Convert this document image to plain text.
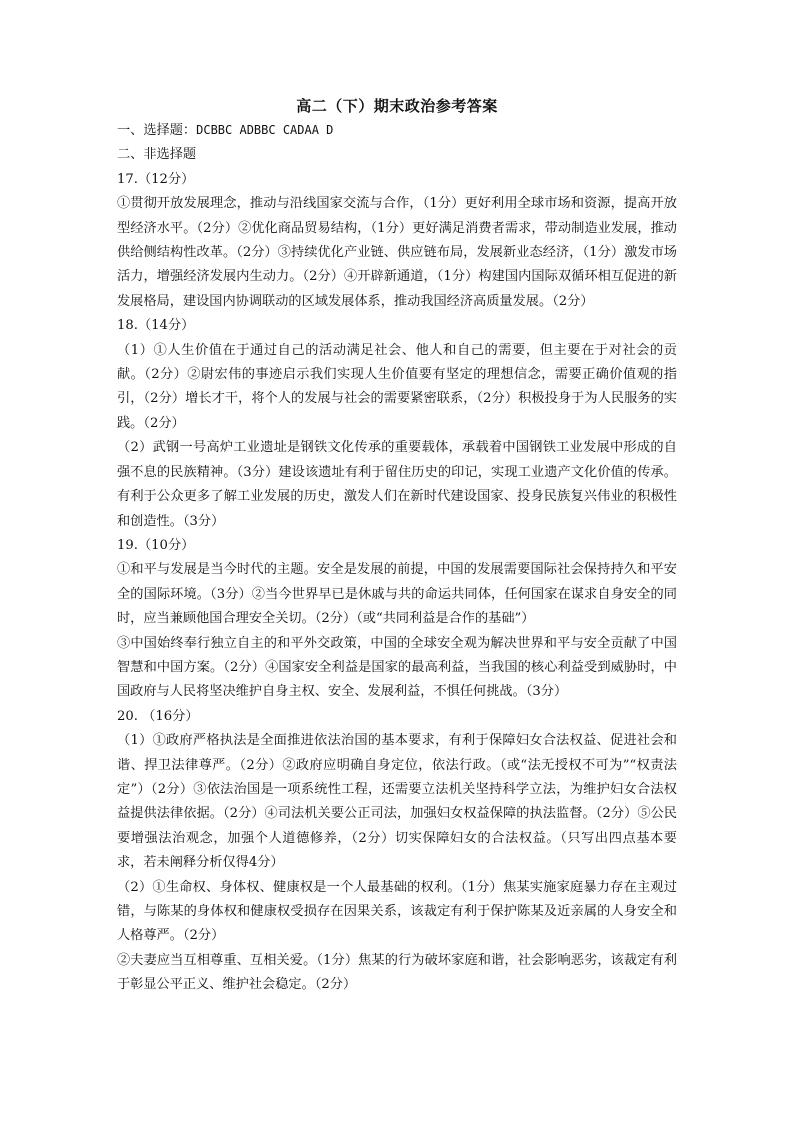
高二（下）期末政治参考答案

一、选择题：DCBBC ADBBC CADAA D

二、非选择题

17.（12分）

①贯彻开放发展理念，推动与沿线国家交流与合作，（1分）更好利用全球市场和资源，提高开放型经济水平。（2分）②优化商品贸易结构，（1分）更好满足消费者需求，带动制造业发展，推动供给侧结构性改革。（2分）③持续优化产业链、供应链布局，发展新业态经济，（1分）激发市场活力，增强经济发展内生动力。（2分）④开辟新通道，（1分）构建国内国际双循环相互促进的新发展格局，建设国内协调联动的区域发展体系，推动我国经济高质量发展。（2分）

18.（14分）

（1）①人生价值在于通过自己的活动满足社会、他人和自己的需要，但主要在于对社会的贡献。（2分）②尉宏伟的事迹启示我们实现人生价值要有坚定的理想信念，需要正确价值观的指引，（2分）增长才干，将个人的发展与社会的需要紧密联系，（2分）积极投身于为人民服务的实践。（2分）

（2）武钢一号高炉工业遗址是钢铁文化传承的重要载体，承载着中国钢铁工业发展中形成的自强不息的民族精神。（3分）建设该遗址有利于留住历史的印记，实现工业遗产文化价值的传承。有利于公众更多了解工业发展的历史，激发人们在新时代建设国家、投身民族复兴伟业的积极性和创造性。（3分）

19.（10分）

①和平与发展是当今时代的主题。安全是发展的前提，中国的发展需要国际社会保持持久和平安全的国际环境。（3分）②当今世界早已是休戚与共的命运共同体，任何国家在谋求自身安全的同时，应当兼顾他国合理安全关切。（2分）（或“共同利益是合作的基础”）

③中国始终奉行独立自主的和平外交政策，中国的全球安全观为解决世界和平与安全贡献了中国智慧和中国方案。（2分）④国家安全利益是国家的最高利益，当我国的核心利益受到威胁时，中国政府与人民将坚决维护自身主权、安全、发展利益，不惧任何挑战。（3分）

20. （16分）

（1）①政府严格执法是全面推进依法治国的基本要求，有利于保障妇女合法权益、促进社会和谐、捍卫法律尊严。（2分）②政府应明确自身定位，依法行政。（或“法无授权不可为”“权责法定”）（2分）③依法治国是一项系统性工程，还需要立法机关坚持科学立法，为维护妇女合法权益提供法律依据。（2分）④司法机关要公正司法，加强妇女权益保障的执法监督。（2分）⑤公民要增强法治观念，加强个人道德修养，（2分）切实保障妇女的合法权益。（只写出四点基本要求，若未阐释分析仅得4分）

（2）①生命权、身体权、健康权是一个人最基础的权利。（1分）焦某实施家庭暴力存在主观过错，与陈某的身体权和健康权受损存在因果关系，该裁定有利于保护陈某及近亲属的人身安全和人格尊严。（2分）

②夫妻应当互相尊重、互相关爱。（1分）焦某的行为破坏家庭和谐，社会影响恶劣，该裁定有利于彰显公平正义、维护社会稳定。（2分）
